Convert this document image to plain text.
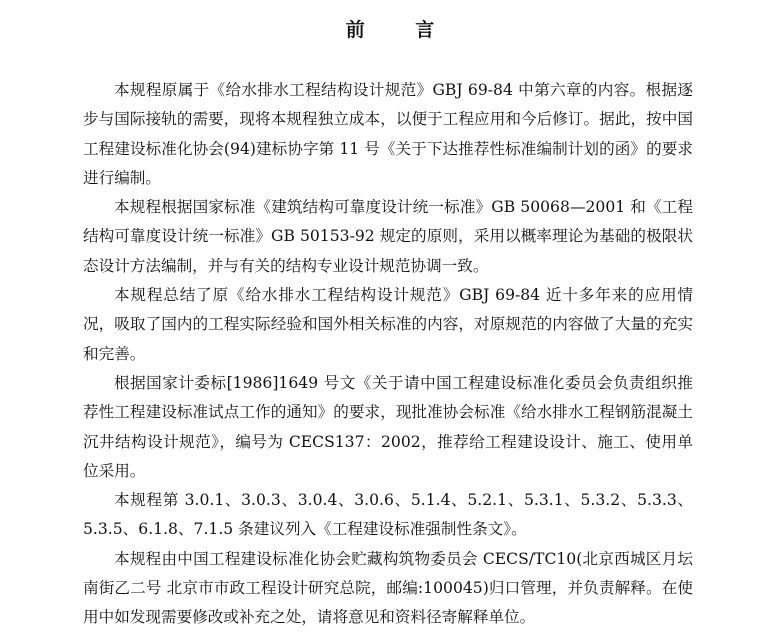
前 言

本规程原属于《给水排水工程结构设计规范》GBJ 69-84 中第六章的内容。根据逐步与国际接轨的需要，现将本规程独立成本，以便于工程应用和今后修订。据此，按中国工程建设标准化协会(94)建标协字第 11 号《关于下达推荐性标准编制计划的函》的要求进行编制。

本规程根据国家标准《建筑结构可靠度设计统一标准》GB 50068—2001 和《工程结构可靠度设计统一标准》GB 50153-92 规定的原则，采用以概率理论为基础的极限状态设计方法编制，并与有关的结构专业设计规范协调一致。

本规程总结了原《给水排水工程结构设计规范》GBJ 69-84 近十多年来的应用情况，吸取了国内的工程实际经验和国外相关标准的内容，对原规范的内容做了大量的充实和完善。

根据国家计委标[1986]1649 号文《关于请中国工程建设标准化委员会负责组织推荐性工程建设标准试点工作的通知》的要求，现批准协会标准《给水排水工程钢筋混凝土沉井结构设计规范》，编号为 CECS137：2002，推荐给工程建设设计、施工、使用单位采用。

本规程第 3.0.1、3.0.3、3.0.4、3.0.6、5.1.4、5.2.1、5.3.1、5.3.2、5.3.3、5.3.5、6.1.8、7.1.5 条建议列入《工程建设标准强制性条文》。

本规程由中国工程建设标准化协会贮藏构筑物委员会 CECS/TC10(北京西城区月坛南街乙二号 北京市市政工程设计研究总院，邮编:100045)归口管理，并负责解释。在使用中如发现需要修改或补充之处，请将意见和资料径寄解释单位。
